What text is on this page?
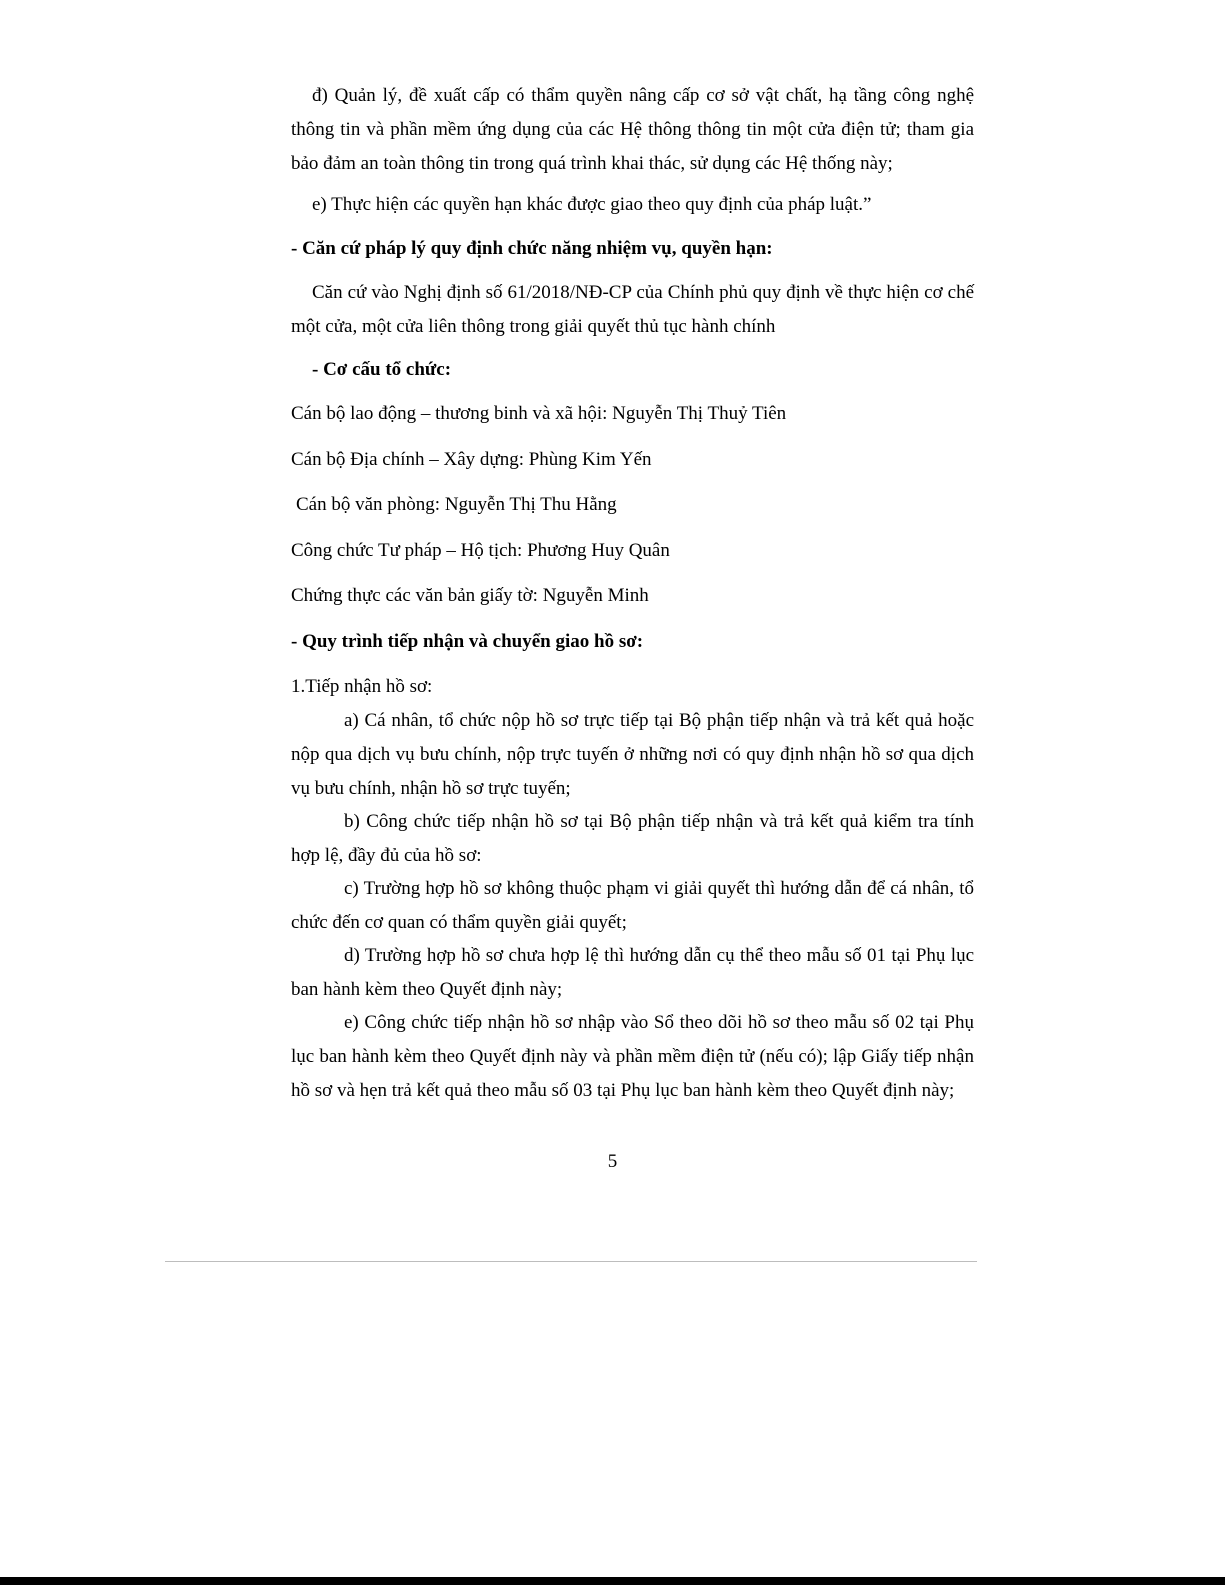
đ) Quản lý, đề xuất cấp có thẩm quyền nâng cấp cơ sở vật chất, hạ tầng công nghệ thông tin và phần mềm ứng dụng của các Hệ thông thông tin một cửa điện tử; tham gia bảo đảm an toàn thông tin trong quá trình khai thác, sử dụng các Hệ thống này;

e) Thực hiện các quyền hạn khác được giao theo quy định của pháp luật.”

- Căn cứ pháp lý quy định chức năng nhiệm vụ, quyền hạn:

Căn cứ vào Nghị định số 61/2018/NĐ-CP của Chính phủ quy định về thực hiện cơ chế một cửa, một cửa liên thông trong giải quyết thủ tục hành chính

- Cơ cấu tổ chức:

Cán bộ lao động – thương binh và xã hội: Nguyễn Thị Thuỷ Tiên

Cán bộ Địa chính – Xây dựng: Phùng Kim Yến

Cán bộ văn phòng: Nguyễn Thị Thu Hằng

Công chức Tư pháp – Hộ tịch: Phương Huy Quân

Chứng thực các văn bản giấy tờ: Nguyễn Minh

- Quy trình tiếp nhận và chuyển giao hồ sơ:

1.Tiếp nhận hồ sơ:

a) Cá nhân, tổ chức nộp hồ sơ trực tiếp tại Bộ phận tiếp nhận và trả kết quả hoặc nộp qua dịch vụ bưu chính, nộp trực tuyến ở những nơi có quy định nhận hồ sơ qua dịch vụ bưu chính, nhận hồ sơ trực tuyến;

b) Công chức tiếp nhận hồ sơ tại Bộ phận tiếp nhận và trả kết quả kiểm tra tính hợp lệ, đầy đủ của hồ sơ:

c) Trường hợp hồ sơ không thuộc phạm vi giải quyết thì hướng dẫn để cá nhân, tổ chức đến cơ quan có thẩm quyền giải quyết;

d) Trường hợp hồ sơ chưa hợp lệ thì hướng dẫn cụ thể theo mẫu số 01 tại Phụ lục ban hành kèm theo Quyết định này;

e) Công chức tiếp nhận hồ sơ nhập vào Sổ theo dõi hồ sơ theo mẫu số 02 tại Phụ lục ban hành kèm theo Quyết định này và phần mềm điện tử (nếu có); lập Giấy tiếp nhận hồ sơ và hẹn trả kết quả theo mẫu số 03 tại Phụ lục ban hành kèm theo Quyết định này;

5
